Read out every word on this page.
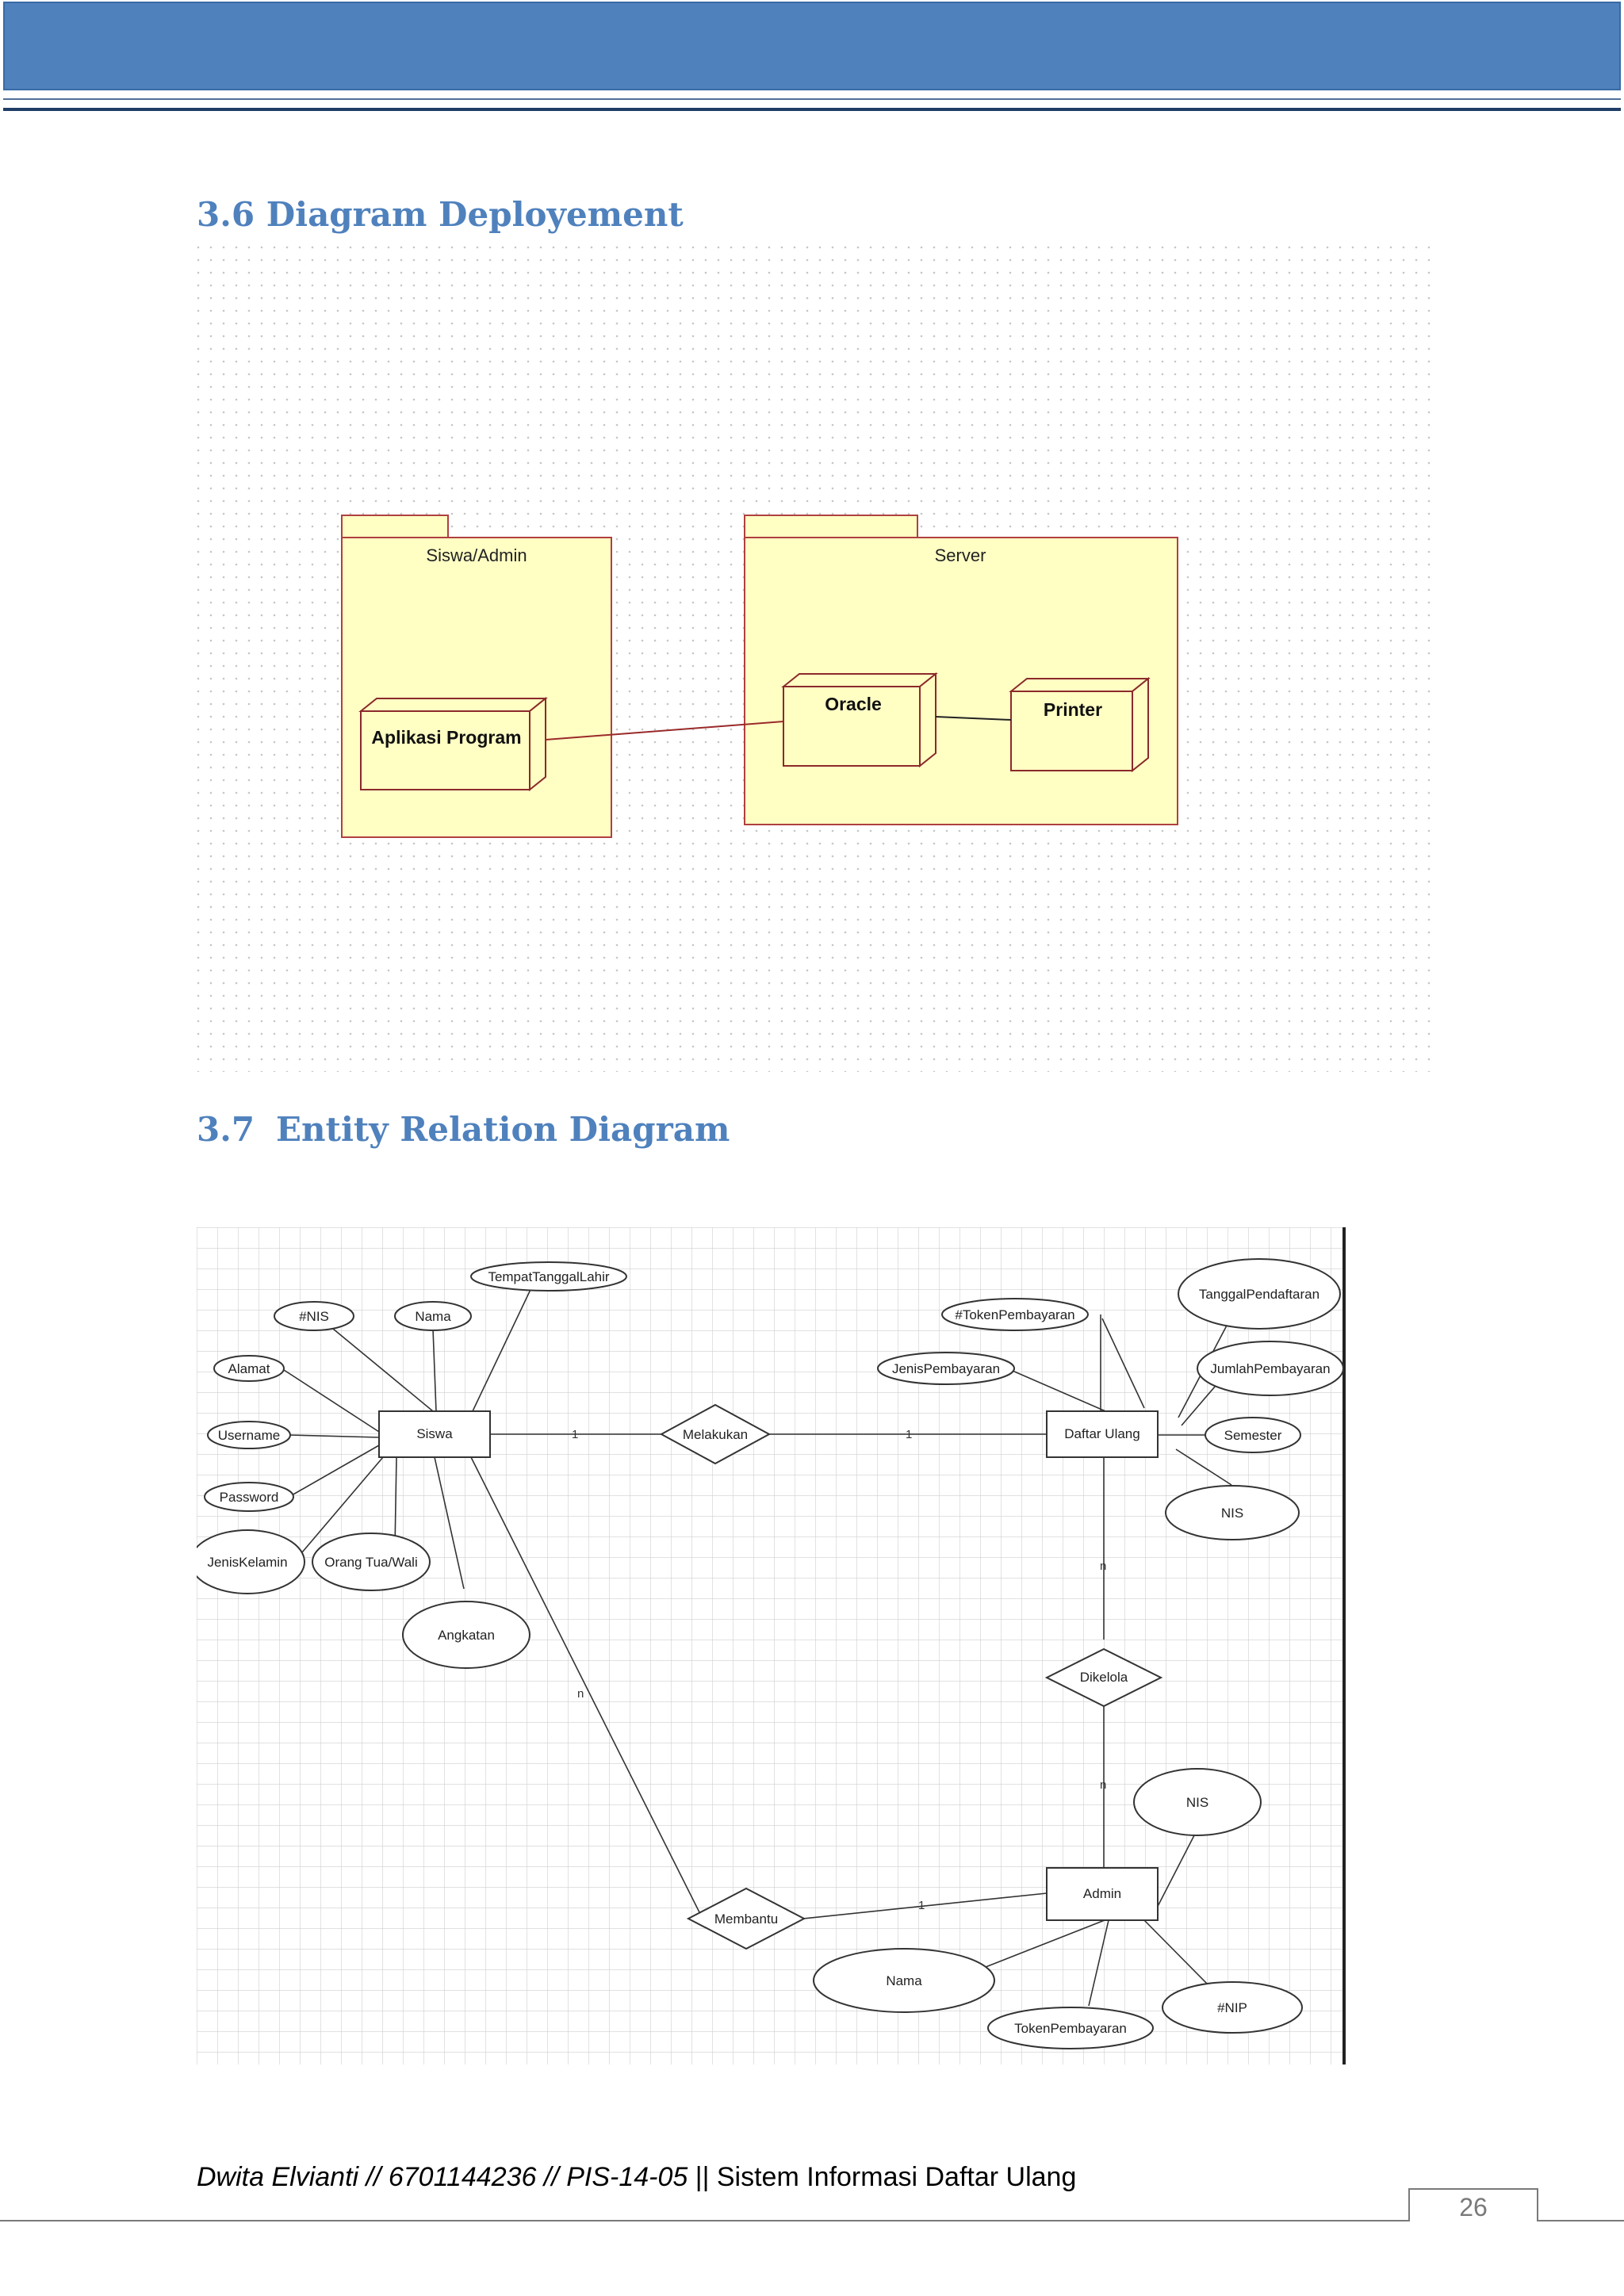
3.6 Diagram Deployement
Siswa/Admin
Aplikasi Program
Server
Oracle	Printer
3.7 Entity Relation Diagram
1	1
n
n
n
1
Siswa	Daftar Ulang
Admin
Melakukan
Dikelola
Membantu
#NIS	Nama
TempatTanggalLahir
Alamat
Username
Password
JenisKelamin	Orang Tua/Wali
Angkatan
#TokenPembayaran
JenisPembayaran
TanggalPendaftaran
JumlahPembayaran
Semester
NIS
NIS
Nama
TokenPembayaran
#NIP
Dwita Elvianti // 6701144236 // PIS-14-05 || Sistem Informasi Daftar Ulang
26
